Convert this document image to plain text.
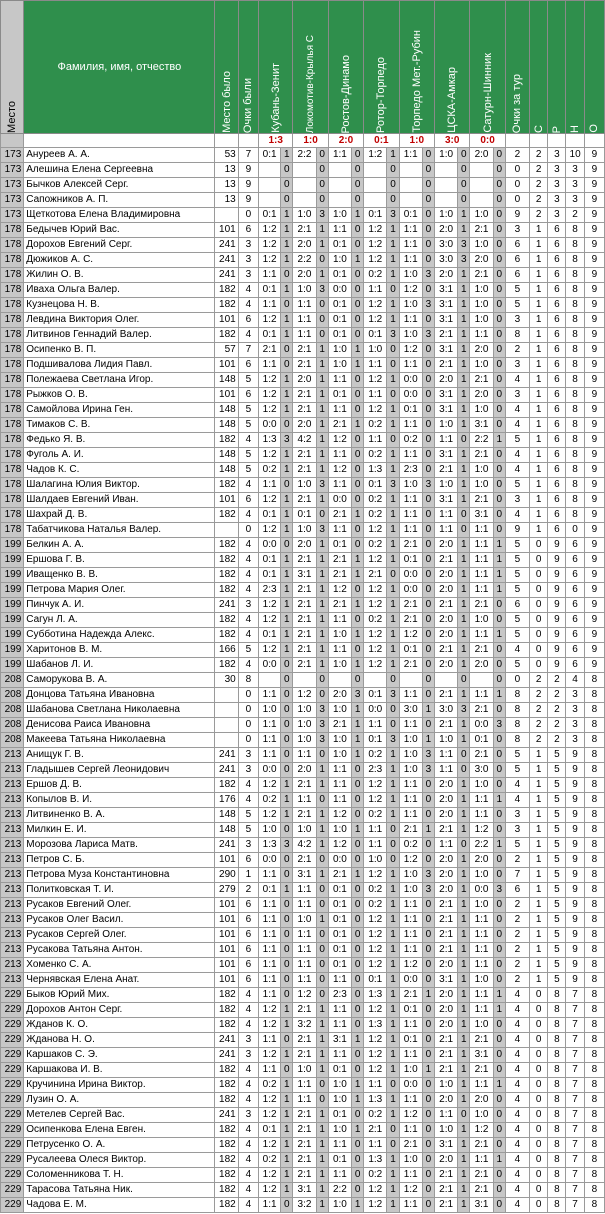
Место	Фамилия, имя, отчество	Место было	Очки были	Кубань-Зенит		Локомотив-Крылья С		Ростов-Динамо		Ротор-Торпедо		Торпедо Мет.-Рубин		ЦСКА-Амкар		Сатурн-Шинник		Очки за тур	С	Р	Н	О

				1:3		1:0		2:0		0:1		1:0		3:0		0:0						
173	Ануреев А. А.	53	7	0:1	1	2:2	0	1:1	0	1:2	1	1:1	0	1:0	0	2:0	0	2	2	3	10	9
173	Алешина Елена Сергеевна	13	9		0		0		0		0		0		0		0	0	2	3	3	9
173	Бычков Алексей Серг.	13	9		0		0		0		0		0		0		0	0	2	3	3	9
173	Сапожников А. П.	13	9		0		0		0		0		0		0		0	0	2	3	3	9
173	Щеткотова Елена Владимировна		0	0:1	1	1:0	3	1:0	1	0:1	3	0:1	0	1:0	1	1:0	0	9	2	3	2	9
178	Бедычев Юрий Вас.	101	6	1:2	1	2:1	1	1:1	0	1:2	1	1:1	0	2:0	1	2:1	0	3	1	6	8	9
178	Дорохов Евгений Серг.	241	3	1:2	1	2:0	1	0:1	0	1:2	1	1:1	0	3:0	3	1:0	0	6	1	6	8	9
178	Дюжиков А. С.	241	3	1:2	1	2:2	0	1:0	1	1:2	1	1:1	0	3:0	3	2:0	0	6	1	6	8	9
178	Жилин О. В.	241	3	1:1	0	2:0	1	0:1	0	0:2	1	1:0	3	2:0	1	2:1	0	6	1	6	8	9
178	Иваха Ольга Валер.	182	4	0:1	1	1:0	3	0:0	0	1:1	0	1:2	0	3:1	1	1:0	0	5	1	6	8	9
178	Кузнецова Н. В.	182	4	1:1	0	1:1	0	0:1	0	1:2	1	1:0	3	3:1	1	1:0	0	5	1	6	8	9
178	Левдина Виктория Олег.	101	6	1:2	1	1:1	0	0:1	0	1:2	1	1:1	0	3:1	1	1:0	0	3	1	6	8	9
178	Литвинов Геннадий Валер.	182	4	0:1	1	1:1	0	0:1	0	0:1	3	1:0	3	2:1	1	1:1	0	8	1	6	8	9
178	Осипенко В. П.	57	7	2:1	0	2:1	1	1:0	1	1:0	0	1:2	0	3:1	1	2:0	0	2	1	6	8	9
178	Подшивалова Лидия Павл.	101	6	1:1	0	2:1	1	1:0	1	1:1	0	1:1	0	2:1	1	1:0	0	3	1	6	8	9
178	Полежаева Светлана Игор.	148	5	1:2	1	2:0	1	1:1	0	1:2	1	0:0	0	2:0	1	2:1	0	4	1	6	8	9
178	Рыжков О. В.	101	6	1:2	1	2:1	1	0:1	0	1:1	0	0:0	0	3:1	1	2:0	0	3	1	6	8	9
178	Самойлова Ирина Ген.	148	5	1:2	1	2:1	1	1:1	0	1:2	1	0:1	0	3:1	1	1:0	0	4	1	6	8	9
178	Тимаков С. В.	148	5	0:0	0	2:0	1	2:1	1	0:2	1	1:1	0	1:0	1	3:1	0	4	1	6	8	9
178	Федько Я. В.	182	4	1:3	3	4:2	1	1:2	0	1:1	0	0:2	0	1:1	0	2:2	1	5	1	6	8	9
178	Фуголь А. И.	148	5	1:2	1	2:1	1	1:1	0	0:2	1	1:1	0	3:1	1	2:1	0	4	1	6	8	9
178	Чадов К. С.	148	5	0:2	1	2:1	1	1:2	0	1:3	1	2:3	0	2:1	1	1:0	0	4	1	6	8	9
178	Шалагина Юлия Виктор.	182	4	1:1	0	1:0	3	1:1	0	0:1	3	1:0	3	1:0	1	1:0	0	5	1	6	8	9
178	Шалдаев Евгений Иван.	101	6	1:2	1	2:1	1	0:0	0	0:2	1	1:1	0	3:1	1	2:1	0	3	1	6	8	9
178	Шахрай Д. В.	182	4	0:1	1	0:1	0	2:1	1	0:2	1	1:1	0	1:1	0	3:1	0	4	1	6	8	9
178	Табатчикова Наталья Валер.		0	1:2	1	1:0	3	1:1	0	1:2	1	1:1	0	1:1	0	1:1	0	9	1	6	0	9
199	Белкин А. А.	182	4	0:0	0	2:0	1	0:1	0	0:2	1	2:1	0	2:0	1	1:1	1	5	0	9	6	9
199	Ершова Г. В.	182	4	0:1	1	2:1	1	2:1	1	1:2	1	0:1	0	2:1	1	1:1	1	5	0	9	6	9
199	Иващенко В. В.	182	4	0:1	1	3:1	1	2:1	1	2:1	0	0:0	0	2:0	1	1:1	1	5	0	9	6	9
199	Петрова Мария Олег.	182	4	2:3	1	2:1	1	1:2	0	1:2	1	0:0	0	2:0	1	1:1	1	5	0	9	6	9
199	Пинчук А. И.	241	3	1:2	1	2:1	1	2:1	1	1:2	1	2:1	0	2:1	1	2:1	0	6	0	9	6	9
199	Сагун Л. А.	182	4	1:2	1	2:1	1	1:1	0	0:2	1	2:1	0	2:0	1	1:0	0	5	0	9	6	9
199	Субботина Надежда Алекс.	182	4	0:1	1	2:1	1	1:0	1	1:2	1	1:2	0	2:0	1	1:1	1	5	0	9	6	9
199	Харитонов В. М.	166	5	1:2	1	2:1	1	1:1	0	1:2	1	0:1	0	2:1	1	2:1	0	4	0	9	6	9
199	Шабанов Л. И.	182	4	0:0	0	2:1	1	1:0	1	1:2	1	2:1	0	2:0	1	2:0	0	5	0	9	6	9
208	Саморукова В. А.	30	8		0		0		0		0		0		0		0	0	2	2	4	8
208	Донцова Татьяна Ивановна		0	1:1	0	1:2	0	2:0	3	0:1	3	1:1	0	2:1	1	1:1	1	8	2	2	3	8
208	Шабанова Светлана Николаевна		0	1:0	0	1:0	3	1:0	1	0:0	0	3:0	1	3:0	3	2:1	0	8	2	2	3	8
208	Денисова Раиса Ивановна		0	1:1	0	1:0	3	2:1	1	1:1	0	1:1	0	2:1	1	0:0	3	8	2	2	3	8
208	Макеева Татьяна Николаевна		0	1:1	0	1:0	3	1:0	1	0:1	3	1:0	1	1:0	1	0:1	0	8	2	2	3	8
213	Анищук Г. В.	241	3	1:1	0	1:1	0	1:0	1	0:2	1	1:0	3	1:1	0	2:1	0	5	1	5	9	8
213	Гладышев Сергей Леонидович	241	3	0:0	0	2:0	1	1:1	0	2:3	1	1:0	3	1:1	0	3:0	0	5	1	5	9	8
213	Ершов Д. В.	182	4	1:2	1	2:1	1	1:1	0	1:2	1	1:1	0	2:0	1	1:0	0	4	1	5	9	8
213	Копылов В. И.	176	4	0:2	1	1:1	0	1:1	0	1:2	1	1:1	0	2:0	1	1:1	1	4	1	5	9	8
213	Литвиненко В. А.	148	5	1:2	1	2:1	1	1:2	0	0:2	1	1:1	0	2:0	1	1:1	0	3	1	5	9	8
213	Милкин Е. И.	148	5	1:0	0	1:0	1	1:0	1	1:1	0	2:1	1	2:1	1	1:2	0	3	1	5	9	8
213	Морозова Лариса Матв.	241	3	1:3	3	4:2	1	1:2	0	1:1	0	0:2	0	1:1	0	2:2	1	5	1	5	9	8
213	Петров С. Б.	101	6	0:0	0	2:1	0	0:0	0	1:0	0	1:2	0	2:0	1	2:0	0	2	1	5	9	8
213	Петрова Муза Константиновна	290	1	1:1	0	3:1	1	2:1	1	1:2	1	1:0	3	2:0	1	1:0	0	7	1	5	9	8
213	Политковская Т. И.	279	2	0:1	1	1:1	0	0:1	0	0:2	1	1:0	3	2:0	1	0:0	3	6	1	5	9	8
213	Русаков Евгений Олег.	101	6	1:1	0	1:1	0	0:1	0	0:2	1	1:1	0	2:1	1	1:0	0	2	1	5	9	8
213	Русаков Олег Васил.	101	6	1:1	0	1:0	1	0:1	0	1:2	1	1:1	0	2:1	1	1:1	0	2	1	5	9	8
213	Русаков Сергей Олег.	101	6	1:1	0	1:1	0	0:1	0	1:2	1	1:1	0	2:1	1	1:1	0	2	1	5	9	8
213	Русакова Татьяна Антон.	101	6	1:1	0	1:1	0	0:1	0	1:2	1	1:1	0	2:1	1	1:1	0	2	1	5	9	8
213	Хоменко С. А.	101	6	1:1	0	1:1	0	0:1	0	1:2	1	1:2	0	2:0	1	1:1	0	2	1	5	9	8
213	Чернявская Елена Анат.	101	6	1:1	0	1:1	0	1:1	0	0:1	1	0:0	0	3:1	1	1:0	0	2	1	5	9	8
229	Быков Юрий Мих.	182	4	1:1	0	1:2	0	2:3	0	1:3	1	2:1	1	2:0	1	1:1	1	4	0	8	7	8
229	Дорохов Антон Серг.	182	4	1:2	1	2:1	1	1:1	0	1:2	1	0:1	0	2:0	1	1:1	1	4	0	8	7	8
229	Жданов К. О.	182	4	1:2	1	3:2	1	1:1	0	1:3	1	1:1	0	2:0	1	1:0	0	4	0	8	7	8
229	Жданова Н. О.	241	3	1:1	0	2:1	1	3:1	1	1:2	1	0:1	0	2:1	1	2:1	0	4	0	8	7	8
229	Каршаков С. Э.	241	3	1:2	1	2:1	1	1:1	0	1:2	1	1:1	0	2:1	1	3:1	0	4	0	8	7	8
229	Каршакова И. В.	182	4	1:1	0	1:0	1	0:1	0	1:2	1	1:0	1	2:1	1	2:1	0	4	0	8	7	8
229	Кручинина Ирина Виктор.	182	4	0:2	1	1:1	0	1:0	1	1:1	0	0:0	0	1:0	1	1:1	1	4	0	8	7	8
229	Лузин О. А.	182	4	1:2	1	1:1	0	1:0	1	1:3	1	1:1	0	2:0	1	2:0	0	4	0	8	7	8
229	Метелев Сергей Вас.	241	3	1:2	1	2:1	1	0:1	0	0:2	1	1:2	0	1:1	0	1:0	0	4	0	8	7	8
229	Осипенкова Елена Евген.	182	4	0:1	1	2:1	1	1:0	1	2:1	0	1:1	0	1:0	1	1:2	0	4	0	8	7	8
229	Петрусенко О. А.	182	4	1:2	1	2:1	1	1:1	0	1:1	0	2:1	0	3:1	1	2:1	0	4	0	8	7	8
229	Русалеева Олеся Виктор.	182	4	0:2	1	2:1	1	0:1	0	1:3	1	1:0	0	2:0	1	1:1	1	4	0	8	7	8
229	Соломенникова Т. Н.	182	4	1:2	1	2:1	1	1:1	0	0:2	1	1:1	0	2:1	1	2:1	0	4	0	8	7	8
229	Тарасова Татьяна Ник.	182	4	1:2	1	3:1	1	2:2	0	1:2	1	1:2	0	2:1	1	2:1	0	4	0	8	7	8
229	Чадова Е. М.	182	4	1:1	0	3:2	1	1:0	1	1:2	1	1:1	0	2:1	1	3:1	0	4	0	8	7	8
